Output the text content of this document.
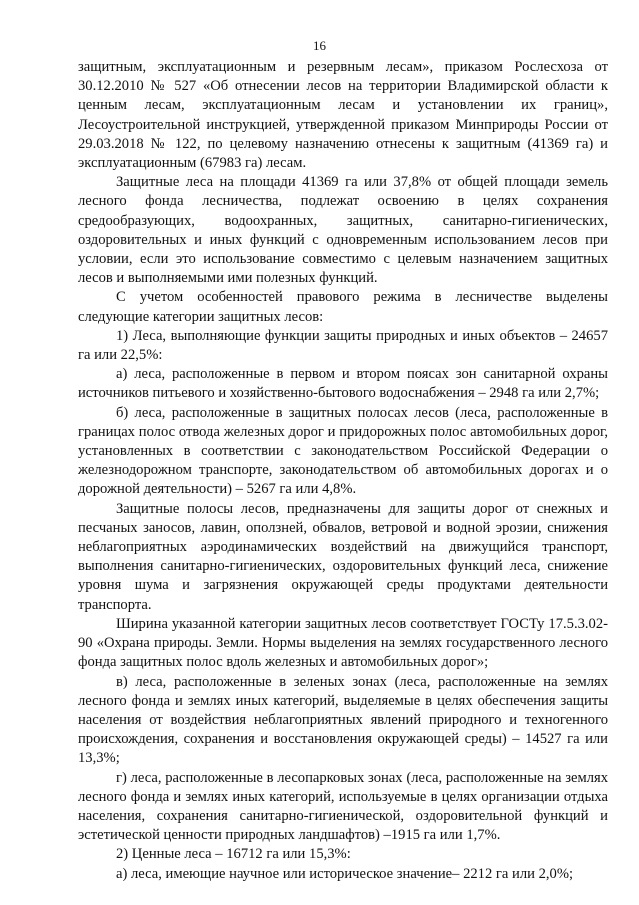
16

защитным, эксплуатационным и резервным лесам», приказом Рослесхоза от 30.12.2010 № 527 «Об отнесении лесов на территории Владимирской области к ценным лесам, эксплуатационным лесам и установлении их границ», Лесоустроительной инструкцией, утвержденной приказом Минприроды России от 29.03.2018 № 122, по целевому назначению отнесены к защитным (41369 га) и эксплуатационным (67983 га) лесам.

Защитные леса на площади 41369 га или 37,8% от общей площади земель лесного фонда лесничества, подлежат освоению в целях сохранения средообразующих, водоохранных, защитных, санитарно-гигиенических, оздоровительных и иных функций с одновременным использованием лесов при условии, если это использование совместимо с целевым назначением защитных лесов и выполняемыми ими полезных функций.

С учетом особенностей правового режима в лесничестве выделены следующие категории защитных лесов:

1) Леса, выполняющие функции защиты природных и иных объектов – 24657 га или 22,5%:

а) леса, расположенные в первом и втором поясах зон санитарной охраны источников питьевого и хозяйственно-бытового водоснабжения – 2948 га или 2,7%;

б) леса, расположенные в защитных полосах лесов (леса, расположенные в границах полос отвода железных дорог и придорожных полос автомобильных дорог, установленных в соответствии с законодательством Российской Федерации о железнодорожном транспорте, законодательством об автомобильных дорогах и о дорожной деятельности) – 5267 га или 4,8%.

Защитные полосы лесов, предназначены для защиты дорог от снежных и песчаных заносов, лавин, оползней, обвалов, ветровой и водной эрозии, снижения неблагоприятных аэродинамических воздействий на движущийся транспорт, выполнения санитарно-гигиенических, оздоровительных функций леса, снижение уровня шума и загрязнения окружающей среды продуктами деятельности транспорта.

Ширина указанной категории защитных лесов соответствует ГОСТу 17.5.3.02-90 «Охрана природы. Земли. Нормы выделения на землях государственного лесного фонда защитных полос вдоль железных и автомобильных дорог»;

в) леса, расположенные в зеленых зонах (леса, расположенные на землях лесного фонда и землях иных категорий, выделяемые в целях обеспечения защиты населения от воздействия неблагоприятных явлений природного и техногенного происхождения, сохранения и восстановления окружающей среды) – 14527 га или 13,3%;

г) леса, расположенные в лесопарковых зонах (леса, расположенные на землях лесного фонда и землях иных категорий, используемые в целях организации отдыха населения, сохранения санитарно-гигиенической, оздоровительной функций и эстетической ценности природных ландшафтов) –1915 га или 1,7%.

2) Ценные леса – 16712 га или 15,3%:

а) леса, имеющие научное или историческое значение– 2212 га или 2,0%;
